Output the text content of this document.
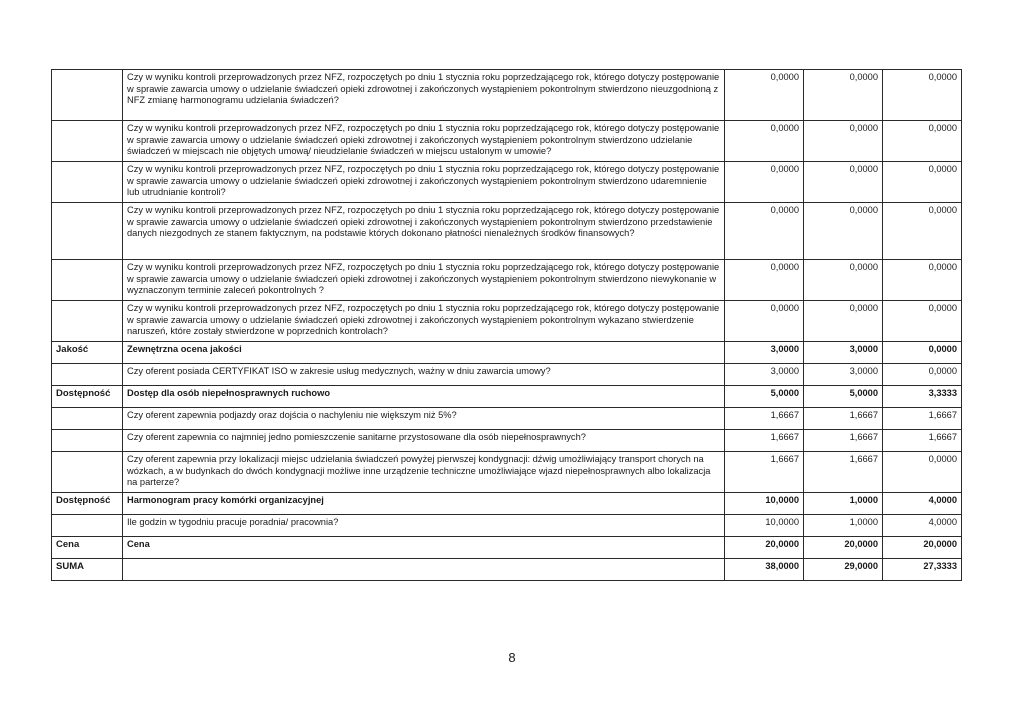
	Czy w wyniku kontroli przeprowadzonych przez NFZ, rozpoczętych po dniu 1 stycznia roku poprzedzającego rok, którego dotyczy postępowanie w sprawie zawarcia umowy o udzielanie świadczeń opieki zdrowotnej i zakończonych wystąpieniem pokontrolnym stwierdzono nieuzgodnioną z NFZ zmianę harmonogramu udzielania świadczeń?	0,0000	0,0000	0,0000
	Czy w wyniku kontroli przeprowadzonych przez NFZ, rozpoczętych po dniu 1 stycznia roku poprzedzającego rok, którego dotyczy postępowanie w sprawie zawarcia umowy o udzielanie świadczeń opieki zdrowotnej i zakończonych wystąpieniem pokontrolnym stwierdzono udzielanie świadczeń w miejscach nie objętych umową/ nieudzielanie świadczeń w miejscu ustalonym w umowie?	0,0000	0,0000	0,0000
	Czy w wyniku kontroli przeprowadzonych przez NFZ, rozpoczętych po dniu 1 stycznia roku poprzedzającego rok, którego dotyczy postępowanie w sprawie zawarcia umowy o udzielanie świadczeń opieki zdrowotnej i zakończonych wystąpieniem pokontrolnym stwierdzono udaremnienie lub utrudnianie kontroli?	0,0000	0,0000	0,0000
	Czy w wyniku kontroli przeprowadzonych przez NFZ, rozpoczętych po dniu 1 stycznia roku poprzedzającego rok, którego dotyczy postępowanie w sprawie zawarcia umowy o udzielanie świadczeń opieki zdrowotnej i zakończonych wystąpieniem pokontrolnym stwierdzono przedstawienie danych niezgodnych ze stanem faktycznym, na podstawie których dokonano płatności nienależnych środków finansowych?	0,0000	0,0000	0,0000
	Czy w wyniku kontroli przeprowadzonych przez NFZ, rozpoczętych po dniu 1 stycznia roku poprzedzającego rok, którego dotyczy postępowanie w sprawie zawarcia umowy o udzielanie świadczeń opieki zdrowotnej i zakończonych wystąpieniem pokontrolnym stwierdzono niewykonanie w wyznaczonym terminie zaleceń pokontrolnych ?	0,0000	0,0000	0,0000
	Czy w wyniku kontroli przeprowadzonych przez NFZ, rozpoczętych po dniu 1 stycznia roku poprzedzającego rok, którego dotyczy postępowanie w sprawie zawarcia umowy o udzielanie świadczeń opieki zdrowotnej i zakończonych wystąpieniem pokontrolnym wykazano stwierdzenie naruszeń, które zostały stwierdzone w poprzednich kontrolach?	0,0000	0,0000	0,0000
Jakość	Zewnętrzna ocena jakości	3,0000	3,0000	0,0000
	Czy oferent posiada CERTYFIKAT ISO w zakresie usług medycznych, ważny w dniu zawarcia umowy?	3,0000	3,0000	0,0000
Dostępność	Dostęp dla osób niepełnosprawnych ruchowo	5,0000	5,0000	3,3333
	Czy oferent zapewnia podjazdy oraz dojścia o nachyleniu nie większym niż 5%?	1,6667	1,6667	1,6667
	Czy oferent zapewnia co najmniej jedno pomieszczenie sanitarne przystosowane dla osób niepełnosprawnych?	1,6667	1,6667	1,6667
	Czy oferent zapewnia przy lokalizacji miejsc udzielania świadczeń powyżej pierwszej kondygnacji: dźwig umożliwiający transport chorych na wózkach, a w budynkach do dwóch kondygnacji możliwe inne urządzenie techniczne umożliwiające wjazd niepełnosprawnych albo lokalizacja na parterze?	1,6667	1,6667	0,0000
Dostępność	Harmonogram pracy komórki organizacyjnej	10,0000	1,0000	4,0000
	Ile godzin w tygodniu pracuje poradnia/ pracownia?	10,0000	1,0000	4,0000
Cena	Cena	20,0000	20,0000	20,0000
SUMA		38,0000	29,0000	27,3333
8
